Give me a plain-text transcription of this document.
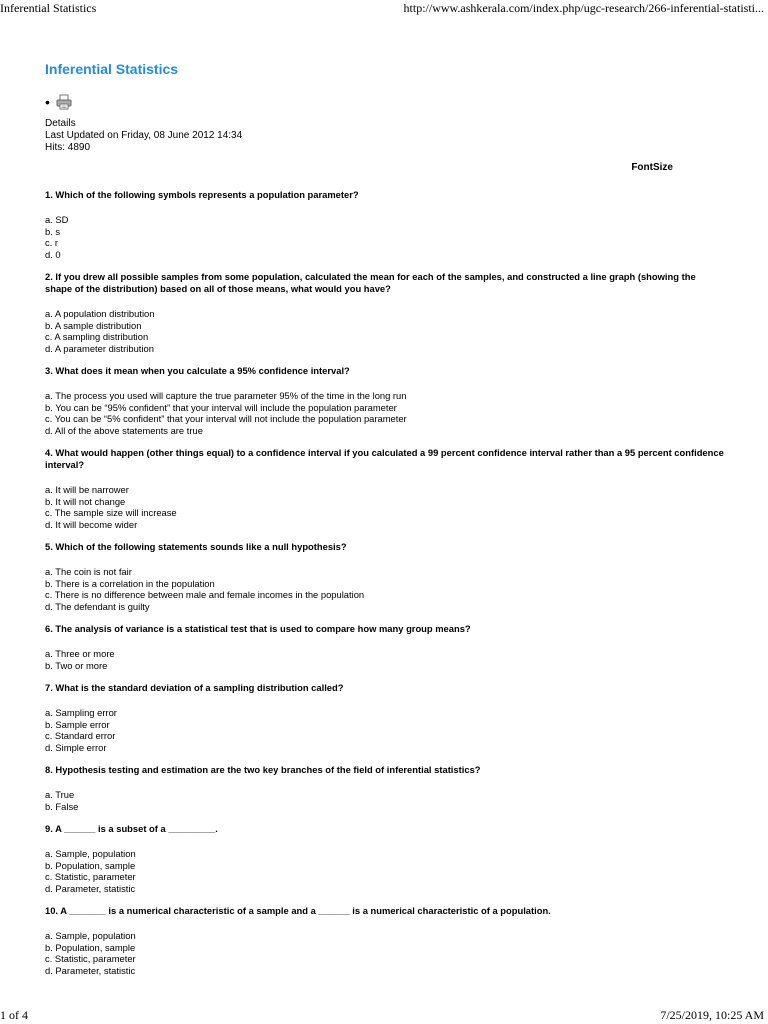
Inferential Statistics	http://www.ashkerala.com/index.php/ugc-research/266-inferential-statisti...
Inferential Statistics
•
Details
Last Updated on Friday, 08 June 2012 14:34
Hits: 4890
FontSize

1. Which of the following symbols represents a population parameter?

a. SD
b. s
c. r
d. 0

2. If you drew all possible samples from some population, calculated the mean for each of the samples, and constructed a line graph (showing the shape of the distribution) based on all of those means, what would you have?

a. A population distribution
b. A sample distribution
c. A sampling distribution
d. A parameter distribution

3. What does it mean when you calculate a 95% confidence interval?

a. The process you used will capture the true parameter 95% of the time in the long run
b. You can be “95% confident” that your interval will include the population parameter
c. You can be “5% confident” that your interval will not include the population parameter
d. All of the above statements are true

4. What would happen (other things equal) to a confidence interval if you calculated a 99 percent confidence interval rather than a 95 percent confidence interval?

a. It will be narrower
b. It will not change
c. The sample size will increase
d. It will become wider

5. Which of the following statements sounds like a null hypothesis?

a. The coin is not fair
b. There is a correlation in the population
c. There is no difference between male and female incomes in the population
d. The defendant is guilty

6. The analysis of variance is a statistical test that is used to compare how many group means?

a. Three or more
b. Two or more

7. What is the standard deviation of a sampling distribution called?

a. Sampling error
b. Sample error
c. Standard error
d. Simple error

8. Hypothesis testing and estimation are the two key branches of the field of inferential statistics?

a. True
b. False

9. A ______ is a subset of a _________.

a. Sample, population
b. Population, sample
c. Statistic, parameter
d. Parameter, statistic

10. A _______ is a numerical characteristic of a sample and a ______ is a numerical characteristic of a population.

a. Sample, population
b. Population, sample
c. Statistic, parameter
d. Parameter, statistic
1 of 4	7/25/2019, 10:25 AM
